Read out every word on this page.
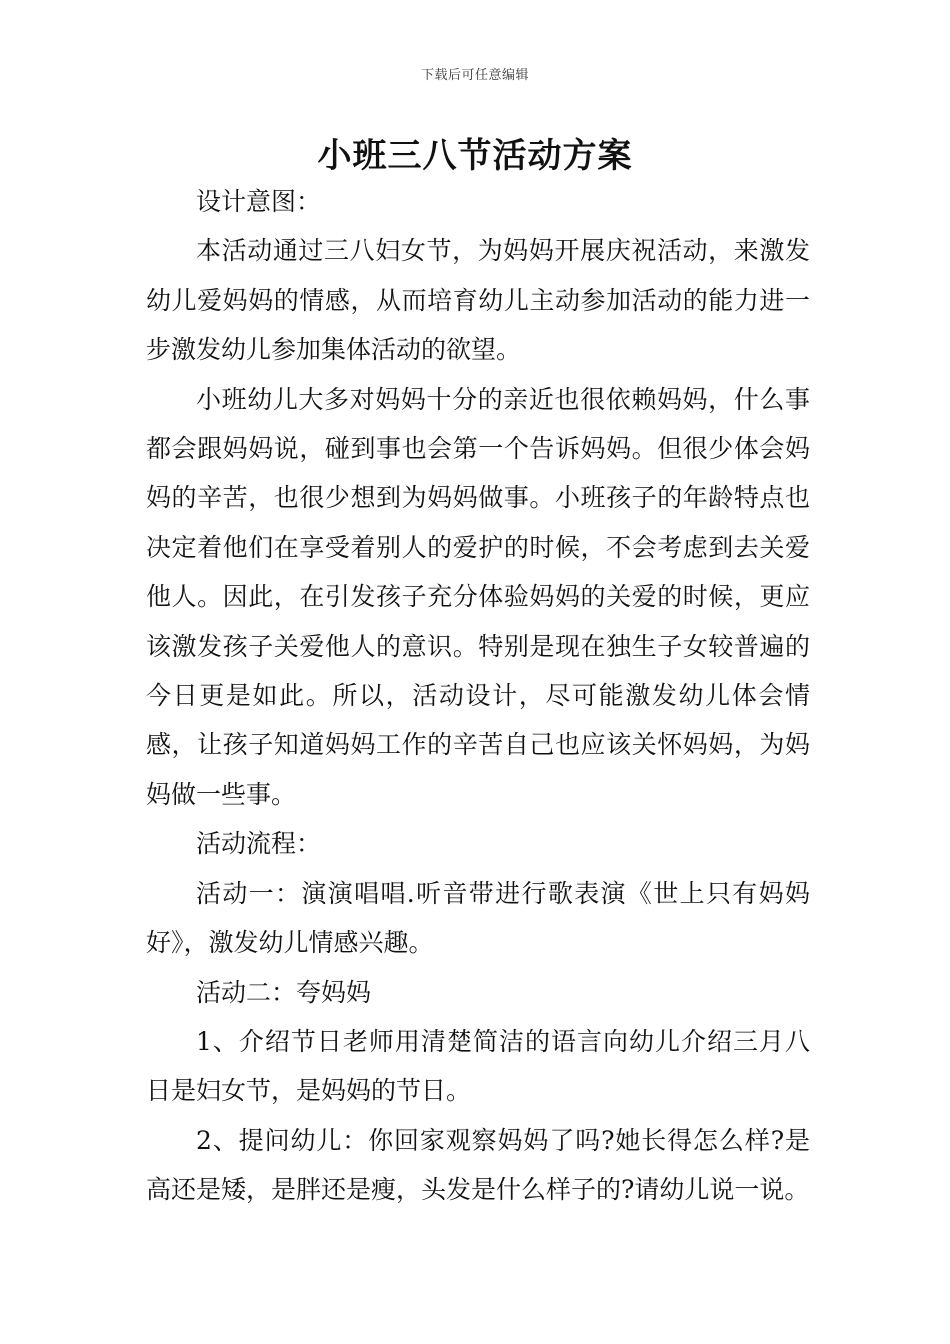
下载后可任意编辑
小班三八节活动方案

设计意图：

本活动通过三八妇女节，为妈妈开展庆祝活动，来激发幼儿爱妈妈的情感，从而培育幼儿主动参加活动的能力进一步激发幼儿参加集体活动的欲望。

小班幼儿大多对妈妈十分的亲近也很依赖妈妈，什么事都会跟妈妈说，碰到事也会第一个告诉妈妈。但很少体会妈妈的辛苦，也很少想到为妈妈做事。小班孩子的年龄特点也决定着他们在享受着别人的爱护的时候，不会考虑到去关爱他人。因此，在引发孩子充分体验妈妈的关爱的时候，更应该激发孩子关爱他人的意识。特别是现在独生子女较普遍的今日更是如此。所以，活动设计，尽可能激发幼儿体会情感，让孩子知道妈妈工作的辛苦自己也应该关怀妈妈，为妈妈做一些事。

活动流程：

活动一：演演唱唱.听音带进行歌表演《世上只有妈妈好》，激发幼儿情感兴趣。

活动二：夸妈妈

1、介绍节日老师用清楚简洁的语言向幼儿介绍三月八日是妇女节，是妈妈的节日。

2、提问幼儿：你回家观察妈妈了吗?她长得怎么样?是高还是矮，是胖还是瘦，头发是什么样子的?请幼儿说一说。
